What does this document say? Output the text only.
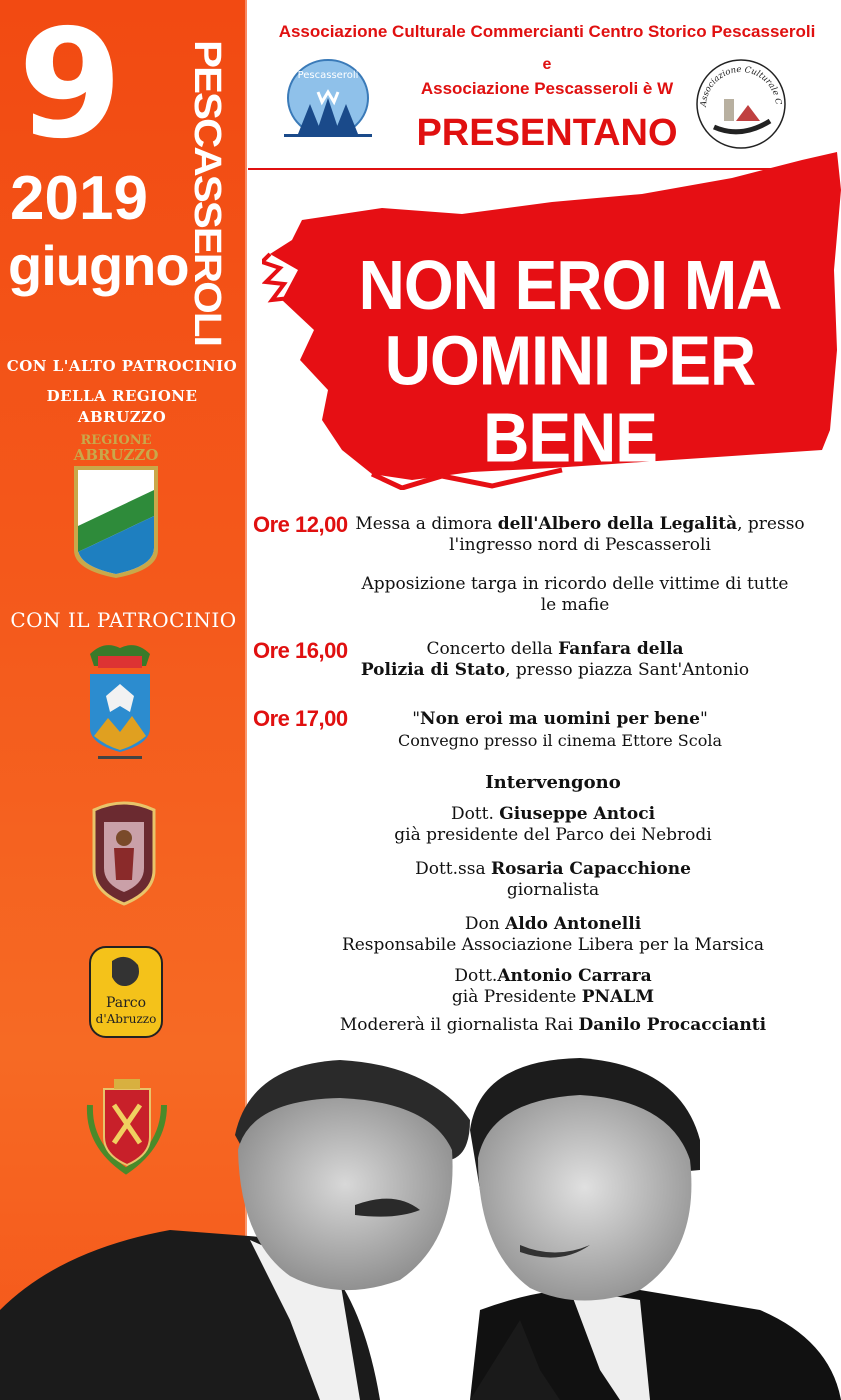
9
2019
giugno
PESCASSEROLI
CON L'ALTO PATROCINIO
DELLA REGIONE ABRUZZO
REGIONE
ABRUZZO
CON IL PATROCINIO
Parco
d'Abruzzo
Associazione Culturale Commercianti Centro Storico Pescasseroli
e
Associazione Pescasseroli è W
PRESENTANO
Pescasseroli
Associazione Culturale C
NON EROI MA
UOMINI PER BENE
Ore 12,00 Messa a dimora dell'Albero della Legalità, presso
l'ingresso nord di Pescasseroli
Apposizione targa in ricordo delle vittime di tutte
le mafie
Ore 16,00	Concerto della Fanfara della
Polizia di Stato, presso piazza Sant'Antonio
Ore 17,00	"Non eroi ma uomini per bene"
Convegno presso il cinema Ettore Scola
Intervengono
Dott. Giuseppe Antoci
già presidente del Parco dei Nebrodi
Dott.ssa Rosaria Capacchione
giornalista
Don Aldo Antonelli
Responsabile Associazione Libera per la Marsica
Dott.Antonio Carrara
già Presidente PNALM
Modererà il giornalista Rai Danilo Procaccianti
